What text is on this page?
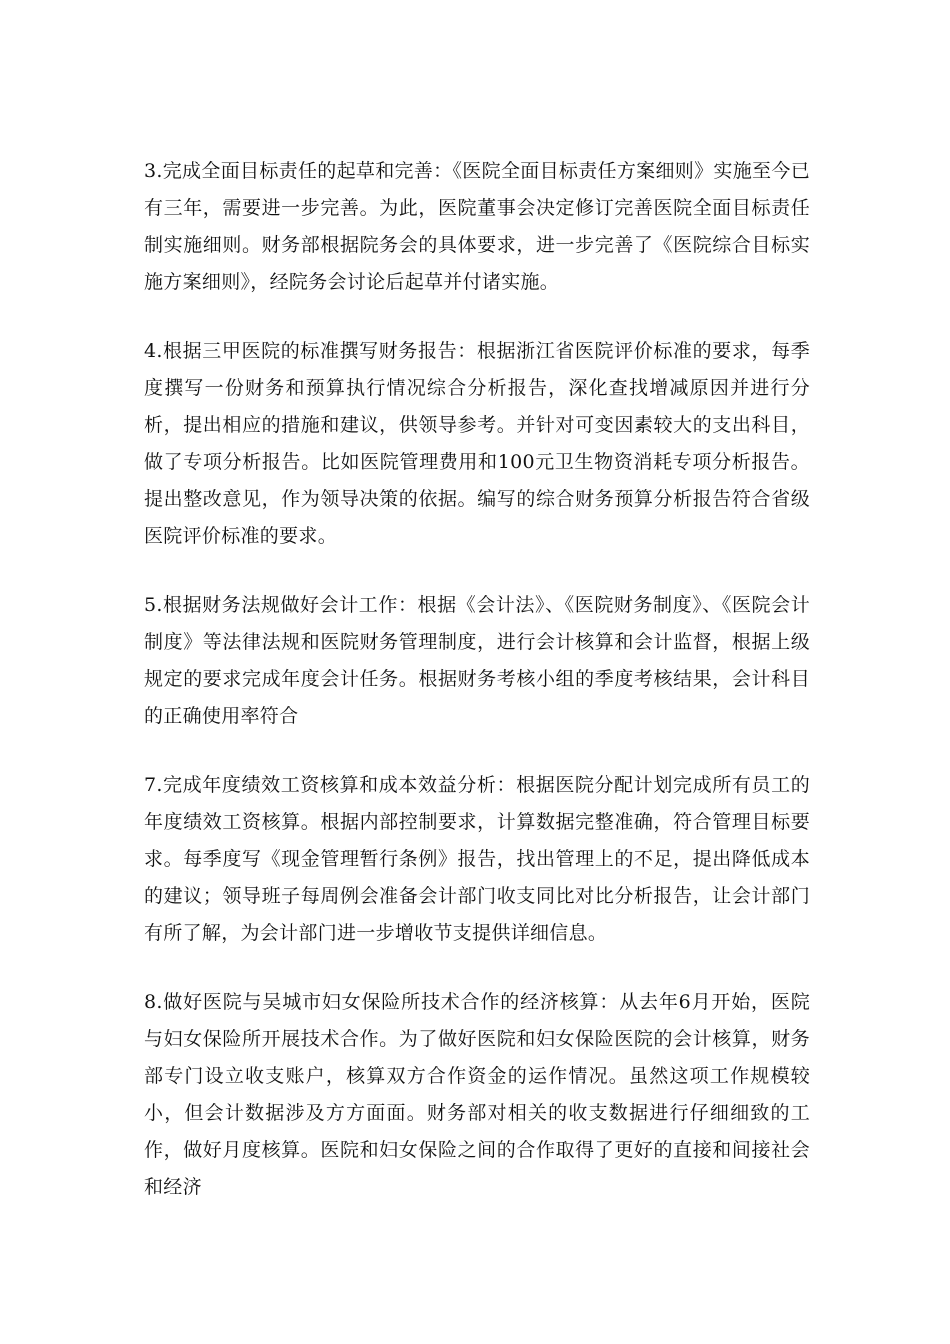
3.完成全面目标责任的起草和完善：《医院全面目标责任方案细则》实施至今已有三年，需要进一步完善。为此，医院董事会决定修订完善医院全面目标责任制实施细则。财务部根据院务会的具体要求，进一步完善了《医院综合目标实施方案细则》，经院务会讨论后起草并付诸实施。

4.根据三甲医院的标准撰写财务报告：根据浙江省医院评价标准的要求，每季度撰写一份财务和预算执行情况综合分析报告，深化查找增减原因并进行分析，提出相应的措施和建议，供领导参考。并针对可变因素较大的支出科目，做了专项分析报告。比如医院管理费用和100元卫生物资消耗专项分析报告。提出整改意见，作为领导决策的依据。编写的综合财务预算分析报告符合省级医院评价标准的要求。

5.根据财务法规做好会计工作：根据《会计法》、《医院财务制度》、《医院会计制度》等法律法规和医院财务管理制度，进行会计核算和会计监督，根据上级规定的要求完成年度会计任务。根据财务考核小组的季度考核结果，会计科目的正确使用率符合

7.完成年度绩效工资核算和成本效益分析：根据医院分配计划完成所有员工的年度绩效工资核算。根据内部控制要求，计算数据完整准确，符合管理目标要求。每季度写《现金管理暂行条例》报告，找出管理上的不足，提出降低成本的建议；领导班子每周例会准备会计部门收支同比对比分析报告，让会计部门有所了解，为会计部门进一步增收节支提供详细信息。

8.做好医院与吴城市妇女保险所技术合作的经济核算：从去年6月开始，医院与妇女保险所开展技术合作。为了做好医院和妇女保险医院的会计核算，财务部专门设立收支账户，核算双方合作资金的运作情况。虽然这项工作规模较小，但会计数据涉及方方面面。财务部对相关的收支数据进行仔细细致的工作，做好月度核算。医院和妇女保险之间的合作取得了更好的直接和间接社会和经济
